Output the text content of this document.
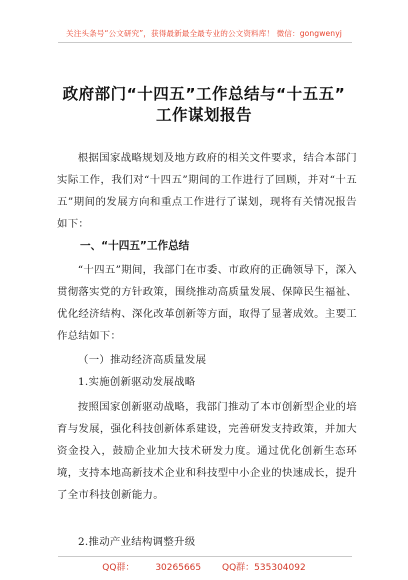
关注头条号“公文研究”，获得最新最全最专业的公文资料库！ 微信：gongwenyj
政府部门“十四五”工作总结与“十五五”
工作谋划报告

根据国家战略规划及地方政府的相关文件要求，结合本部门实际工作，我们对“十四五”期间的工作进行了回顾，并对“十五五”期间的发展方向和重点工作进行了谋划，现将有关情况报告如下：

一、“十四五”工作总结

“十四五”期间，我部门在市委、市政府的正确领导下，深入贯彻落实党的方针政策，围绕推动高质量发展、保障民生福祉、优化经济结构、深化改革创新等方面，取得了显著成效。主要工作总结如下：

（一）推动经济高质量发展
1.实施创新驱动发展战略

按照国家创新驱动战略，我部门推动了本市创新型企业的培育与发展，强化科技创新体系建设，完善研发支持政策，并加大资金投入，鼓励企业加大技术研发力度。通过优化创新生态环境，支持本地高新技术企业和科技型中小企业的快速成长，提升了全市科技创新能力。

2.推动产业结构调整升级
QQ群： 30265665 QQ群：535304092
